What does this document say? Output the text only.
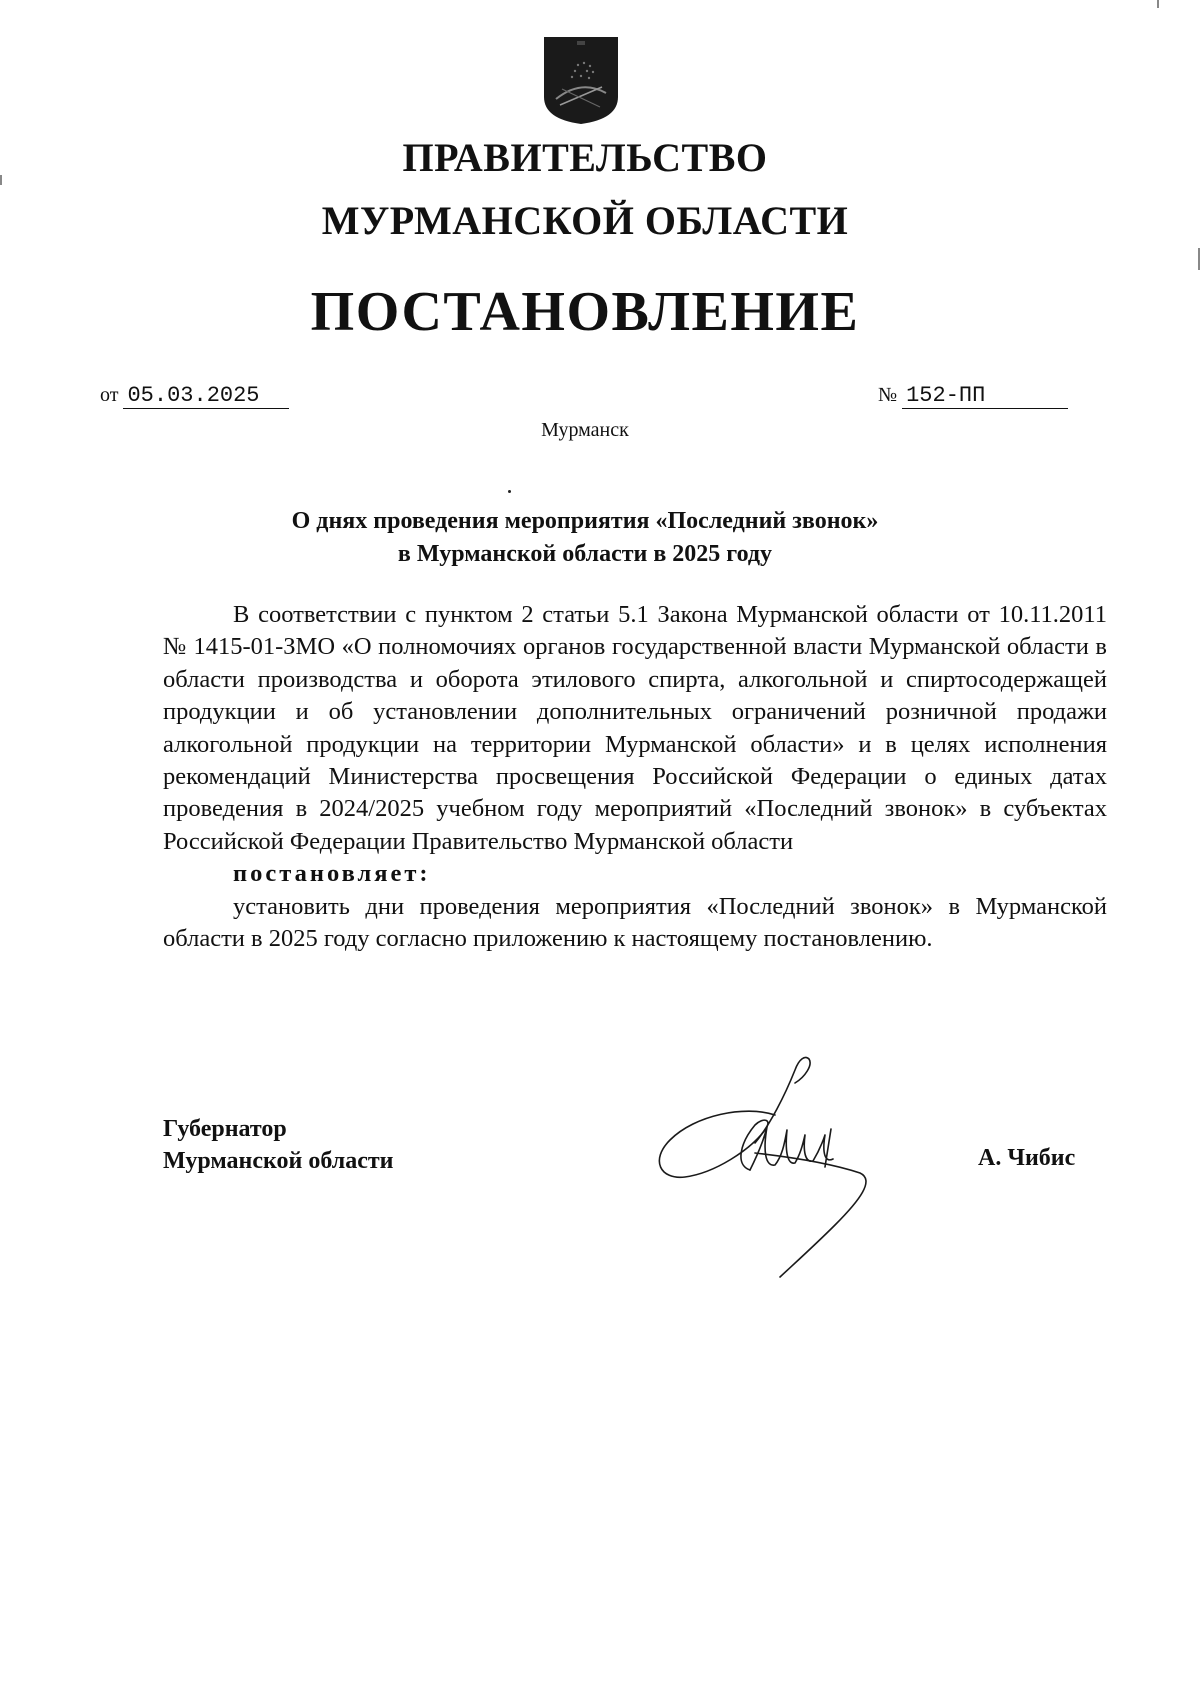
ПРАВИТЕЛЬСТВО
МУРМАНСКОЙ ОБЛАСТИ
ПОСТАНОВЛЕНИЕ
от 05.03.2025	№ 152-ПП
Мурманск
О днях проведения мероприятия «Последний звонок»
в Мурманской области в 2025 году

В соответствии с пунктом 2 статьи 5.1 Закона Мурманской области от 10.11.2011 № 1415-01-ЗМО «О полномочиях органов государственной власти Мурманской области в области производства и оборота этилового спирта, алкогольной и спиртосодержащей продукции и об установлении дополнительных ограничений розничной продажи алкогольной продукции на территории Мурманской области» и в целях исполнения рекомендаций Министерства просвещения Российской Федерации о единых датах проведения в 2024/2025 учебном году мероприятий «Последний звонок» в субъектах Российской Федерации Правительство Мурманской области

постановляет:

установить дни проведения мероприятия «Последний звонок» в Мурманской области в 2025 году согласно приложению к настоящему постановлению.

Губернатор
Мурманской области	А. Чибис
